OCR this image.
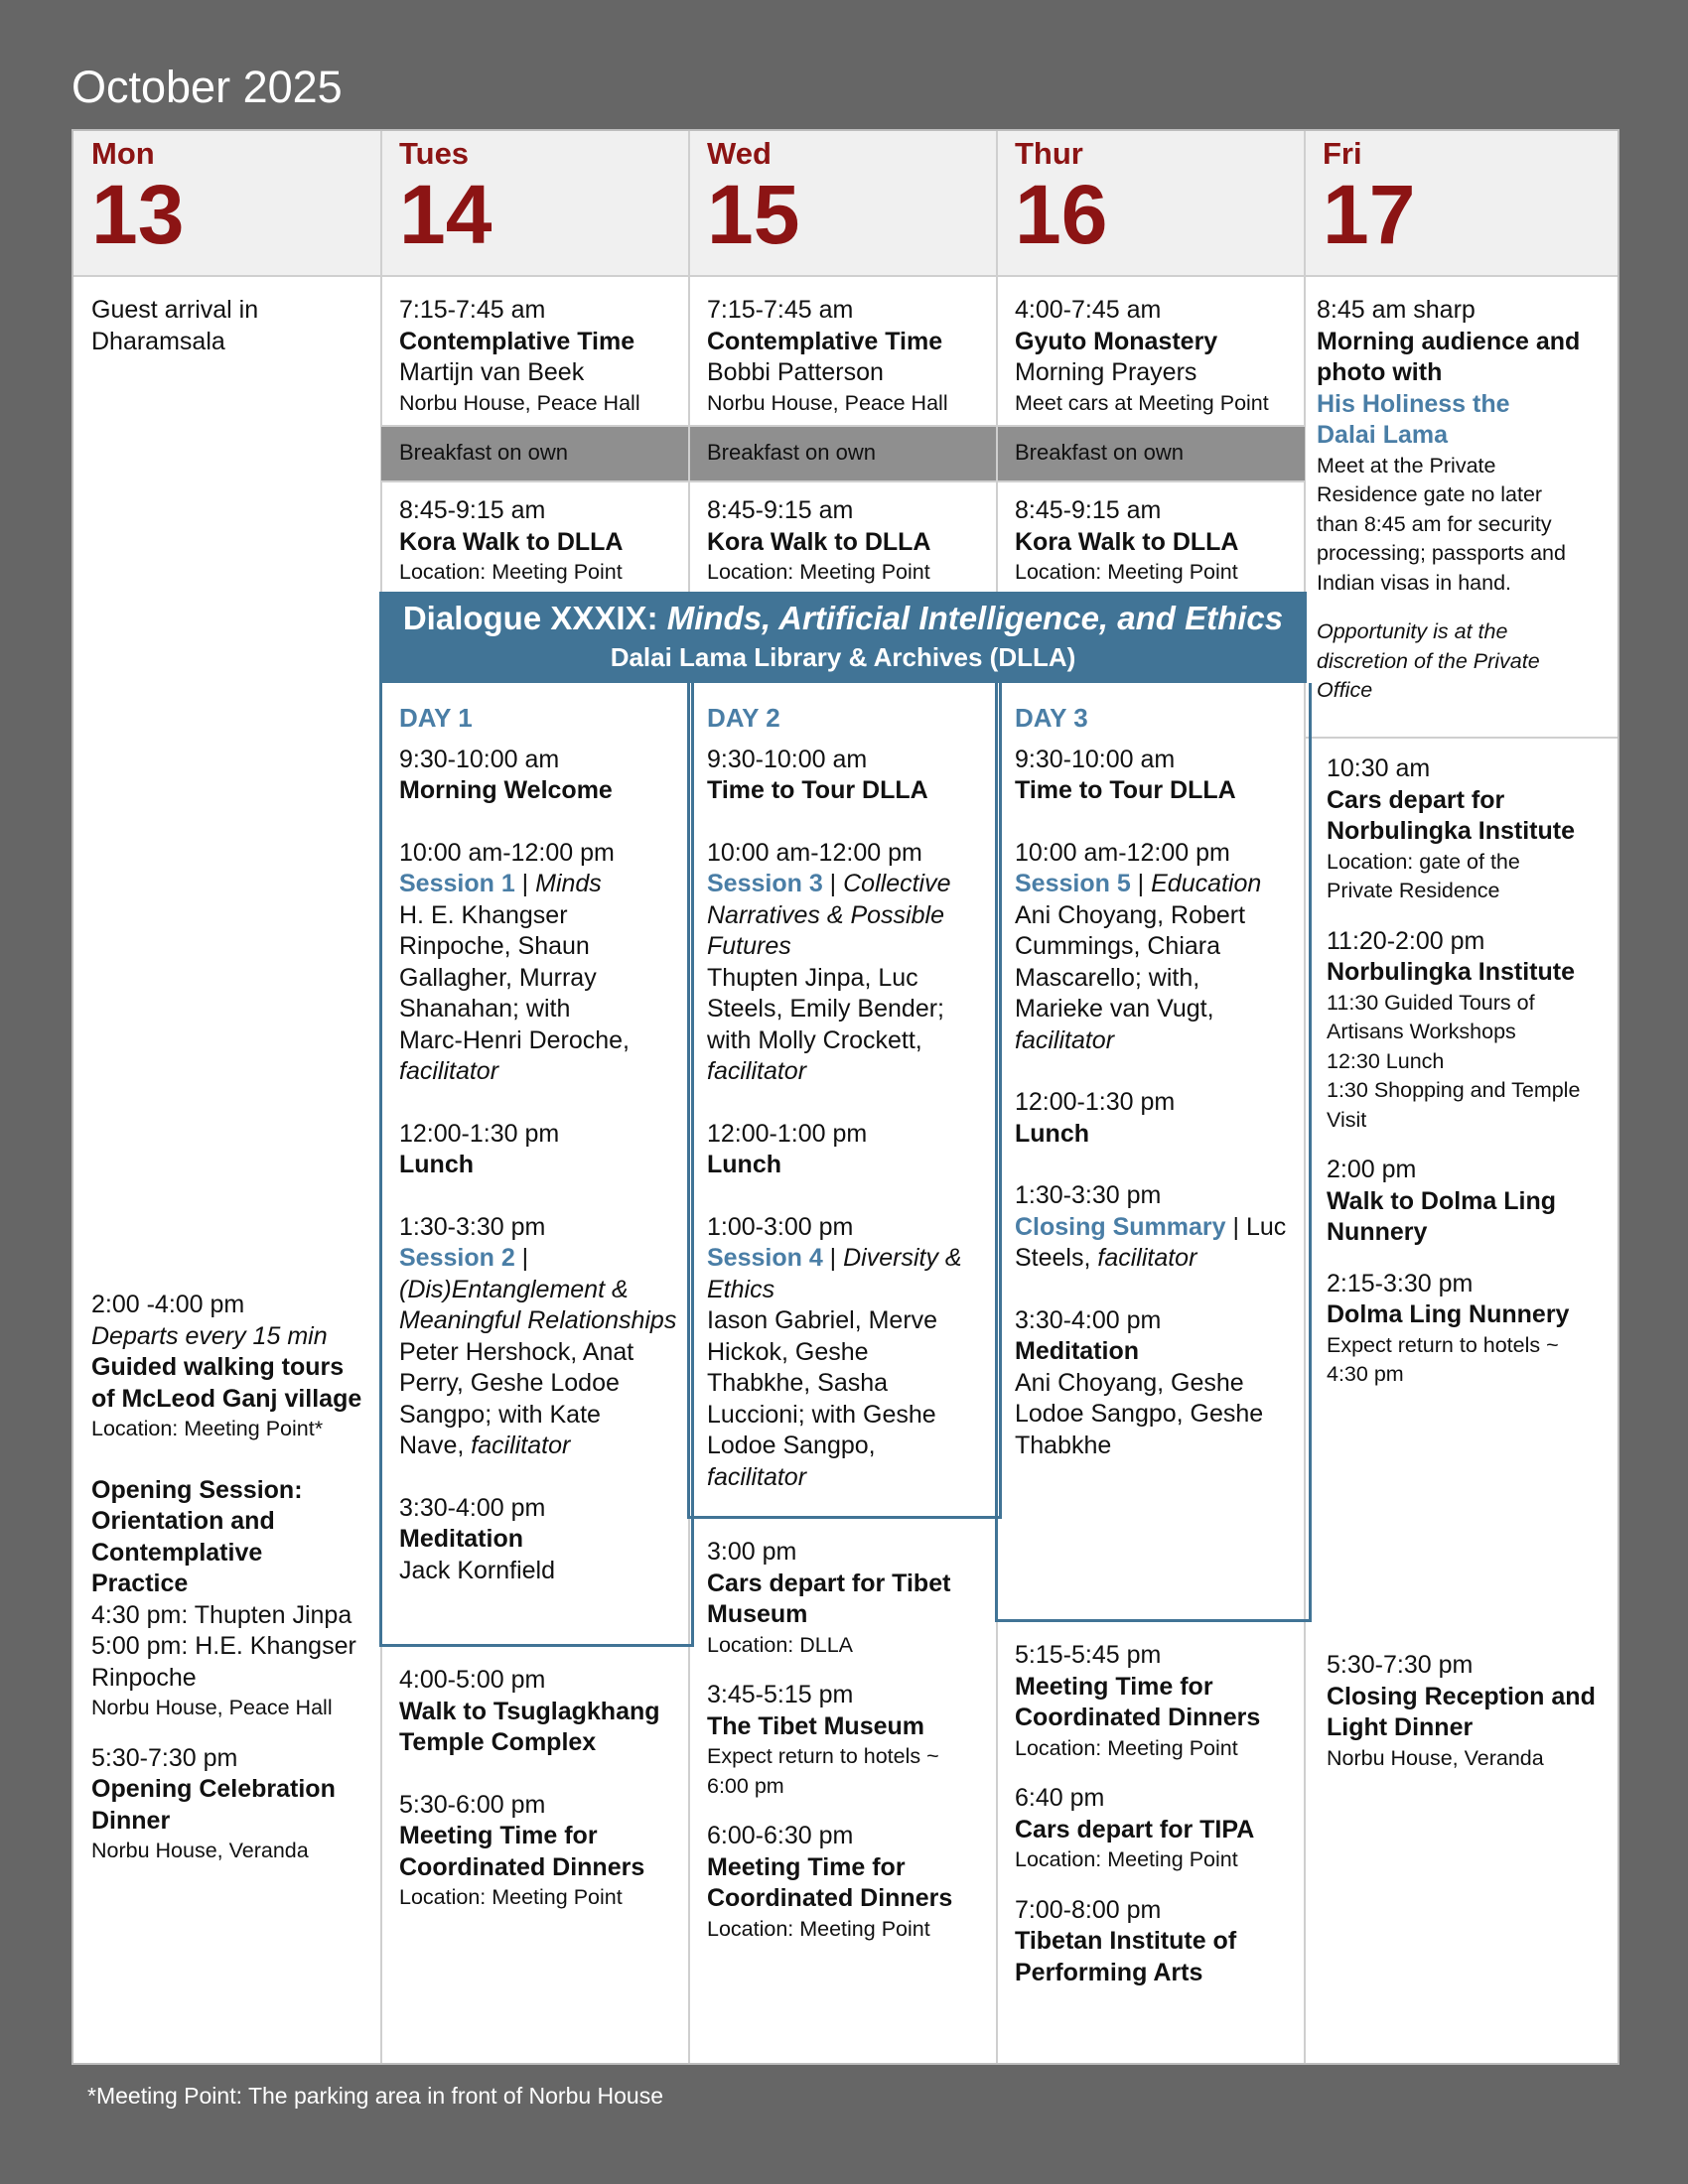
October 2025
Mon
13
Tues
14
Wed
15
Thur
16
Fri
17
Breakfast on own	Breakfast on own	Breakfast on own
Guest arrival in
Dharamsala
2:00 -4:00 pm
Departs every 15 min
Guided walking tours
of McLeod Ganj village
Location: Meeting Point*
Opening Session:
Orientation and
Contemplative
Practice
4:30 pm: Thupten Jinpa
5:00 pm: H.E. Khangser
Rinpoche
Norbu House, Peace Hall
5:30-7:30 pm
Opening Celebration
Dinner
Norbu House, Veranda
7:15-7:45 am
Contemplative Time
Martijn van Beek
Norbu House, Peace Hall
8:45-9:15 am
Kora Walk to DLLA
Location: Meeting Point
7:15-7:45 am
Contemplative Time
Bobbi Patterson
Norbu House, Peace Hall
8:45-9:15 am
Kora Walk to DLLA
Location: Meeting Point
4:00-7:45 am
Gyuto Monastery
Morning Prayers
Meet cars at Meeting Point
8:45-9:15 am
Kora Walk to DLLA
Location: Meeting Point
8:45 am sharp
Morning audience and
photo with
His Holiness the
Dalai Lama
Meet at the Private
Residence gate no later
than 8:45 am for security
processing; passports and
Indian visas in hand.
Opportunity is at the
discretion of the Private
Office
10:30 am
Cars depart for
Norbulingka Institute
Location: gate of the
Private Residence
11:20-2:00 pm
Norbulingka Institute
11:30 Guided Tours of
Artisans Workshops
12:30 Lunch
1:30 Shopping and Temple
Visit
2:00 pm
Walk to Dolma Ling
Nunnery
2:15-3:30 pm
Dolma Ling Nunnery
Expect return to hotels ~
4:30 pm
5:30-7:30 pm
Closing Reception and
Light Dinner
Norbu House, Veranda
Dialogue XXXIX: Minds, Artificial Intelligence, and Ethics
Dalai Lama Library & Archives (DLLA)
DAY 1
9:30-10:00 am
Morning Welcome
10:00 am-12:00 pm
Session 1 | Minds
H. E. Khangser
Rinpoche, Shaun
Gallagher, Murray
Shanahan; with
Marc-Henri Deroche,
facilitator
12:00-1:30 pm
Lunch
1:30-3:30 pm
Session 2 |
(Dis)Entanglement &
Meaningful Relationships
Peter Hershock, Anat
Perry, Geshe Lodoe
Sangpo; with Kate
Nave, facilitator
3:30-4:00 pm
Meditation
Jack Kornfield
4:00-5:00 pm
Walk to Tsuglagkhang
Temple Complex
5:30-6:00 pm
Meeting Time for
Coordinated Dinners
Location: Meeting Point
DAY 2
9:30-10:00 am
Time to Tour DLLA
10:00 am-12:00 pm
Session 3 | Collective
Narratives & Possible
Futures
Thupten Jinpa, Luc
Steels, Emily Bender;
with Molly Crockett,
facilitator
12:00-1:00 pm
Lunch
1:00-3:00 pm
Session 4 | Diversity &
Ethics
Iason Gabriel, Merve
Hickok, Geshe
Thabkhe, Sasha
Luccioni; with Geshe
Lodoe Sangpo,
facilitator
3:00 pm
Cars depart for Tibet
Museum
Location: DLLA
3:45-5:15 pm
The Tibet Museum
Expect return to hotels ~
6:00 pm
6:00-6:30 pm
Meeting Time for
Coordinated Dinners
Location: Meeting Point
DAY 3
9:30-10:00 am
Time to Tour DLLA
10:00 am-12:00 pm
Session 5 | Education
Ani Choyang, Robert
Cummings, Chiara
Mascarello; with,
Marieke van Vugt,
facilitator
12:00-1:30 pm
Lunch
1:30-3:30 pm
Closing Summary | Luc
Steels, facilitator
3:30-4:00 pm
Meditation
Ani Choyang, Geshe
Lodoe Sangpo, Geshe
Thabkhe
5:15-5:45 pm
Meeting Time for
Coordinated Dinners
Location: Meeting Point
6:40 pm
Cars depart for TIPA
Location: Meeting Point
7:00-8:00 pm
Tibetan Institute of
Performing Arts
*Meeting Point: The parking area in front of Norbu House
